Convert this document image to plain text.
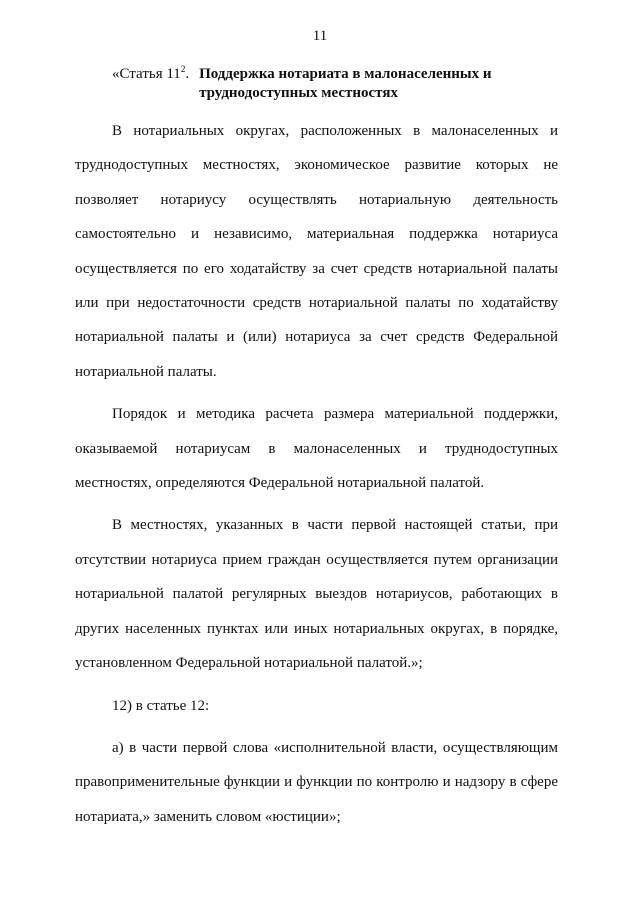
11
«Статья $11^2$. Поддержка нотариата в малонаселенных и
труднодоступных местностях

В нотариальных округах, расположенных в малонаселенных и труднодоступных местностях, экономическое развитие которых не позволяет нотариусу осуществлять нотариальную деятельность самостоятельно и независимо, материальная поддержка нотариуса осуществляется по его ходатайству за счет средств нотариальной палаты или при недостаточности средств нотариальной палаты по ходатайству нотариальной палаты и (или) нотариуса за счет средств Федеральной нотариальной палаты.

Порядок и методика расчета размера материальной поддержки, оказываемой нотариусам в малонаселенных и труднодоступных местностях, определяются Федеральной нотариальной палатой.

В местностях, указанных в части первой настоящей статьи, при отсутствии нотариуса прием граждан осуществляется путем организации нотариальной палатой регулярных выездов нотариусов, работающих в других населенных пунктах или иных нотариальных округах, в порядке, установленном Федеральной нотариальной палатой.»;

12) в статье 12:

а) в части первой слова «исполнительной власти, осуществляющим правоприменительные функции и функции по контролю и надзору в сфере нотариата,» заменить словом «юстиции»;
